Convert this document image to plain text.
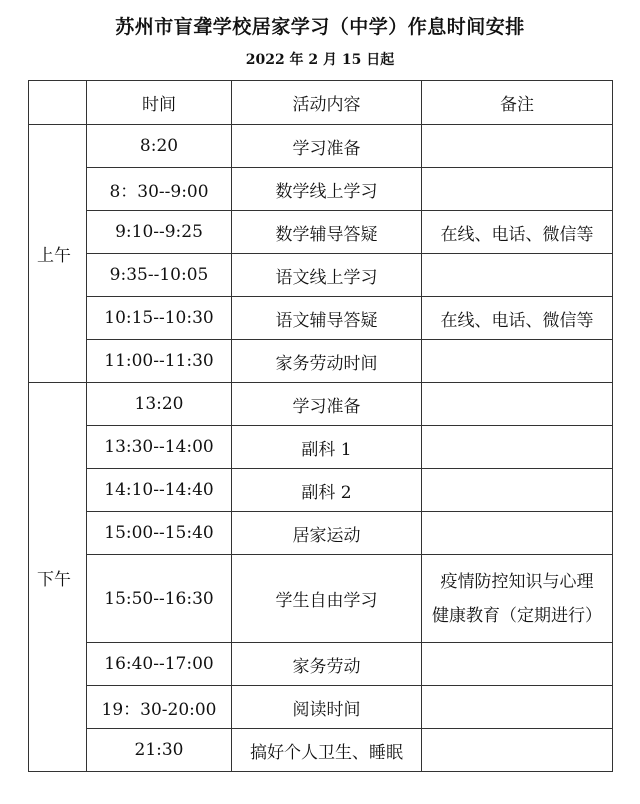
苏州市盲聋学校居家学习（中学）作息时间安排
2022 年 2 月 15 日起
	时间	活动内容	备注
上午	8:20	学习准备	
	8：30--9:00	数学线上学习	
	9:10--9:25	数学辅导答疑	在线、电话、微信等
	9:35--10:05	语文线上学习	
	10:15--10:30	语文辅导答疑	在线、电话、微信等
	11:00--11:30	家务劳动时间	
下午	13:20	学习准备	
	13:30--14:00	副科 1	
	14:10--14:40	副科 2	
	15:00--15:40	居家运动	
	15:50--16:30	学生自由学习	疫情防控知识与心理
健康教育（定期进行）

	16:40--17:00	家务劳动	
	19：30-20:00	阅读时间	
	21:30	搞好个人卫生、睡眠	
